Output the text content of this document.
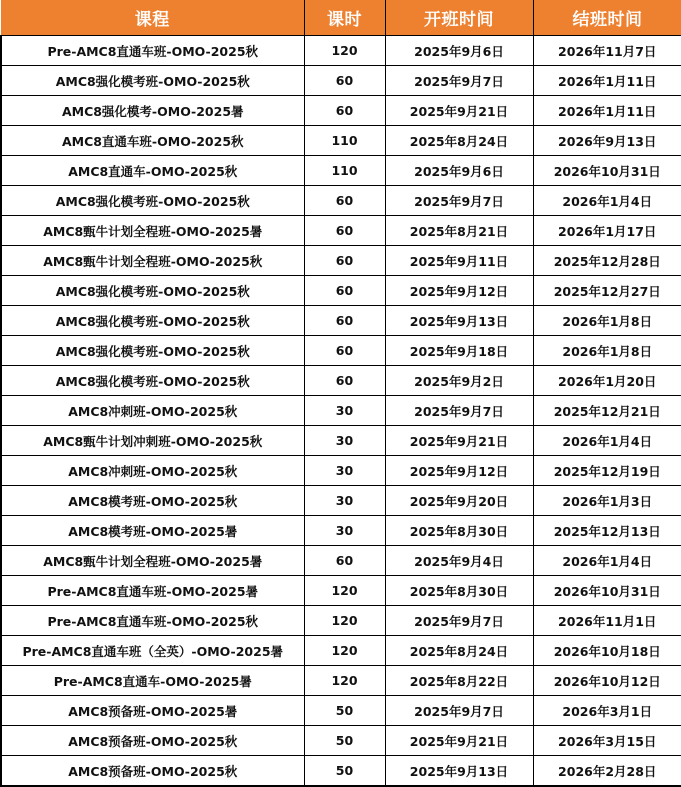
课程	课时	开班时间	结班时间
Pre-AMC8直通车班-OMO-2025秋	120	2025年9月6日	2026年11月7日
AMC8强化模考班-OMO-2025秋	60	2025年9月7日	2026年1月11日
AMC8强化模考-OMO-2025暑	60	2025年9月21日	2026年1月11日
AMC8直通车班-OMO-2025秋	110	2025年8月24日	2026年9月13日
AMC8直通车-OMO-2025秋	110	2025年9月6日	2026年10月31日
AMC8强化模考班-OMO-2025秋	60	2025年9月7日	2026年1月4日
AMC8甄牛计划全程班-OMO-2025暑	60	2025年8月21日	2026年1月17日
AMC8甄牛计划全程班-OMO-2025秋	60	2025年9月11日	2025年12月28日
AMC8强化模考班-OMO-2025秋	60	2025年9月12日	2025年12月27日
AMC8强化模考班-OMO-2025秋	60	2025年9月13日	2026年1月8日
AMC8强化模考班-OMO-2025秋	60	2025年9月18日	2026年1月8日
AMC8强化模考班-OMO-2025秋	60	2025年9月2日	2026年1月20日
AMC8冲刺班-OMO-2025秋	30	2025年9月7日	2025年12月21日
AMC8甄牛计划冲刺班-OMO-2025秋	30	2025年9月21日	2026年1月4日
AMC8冲刺班-OMO-2025秋	30	2025年9月12日	2025年12月19日
AMC8模考班-OMO-2025秋	30	2025年9月20日	2026年1月3日
AMC8模考班-OMO-2025暑	30	2025年8月30日	2025年12月13日
AMC8甄牛计划全程班-OMO-2025暑	60	2025年9月4日	2026年1月4日
Pre-AMC8直通车班-OMO-2025暑	120	2025年8月30日	2026年10月31日
Pre-AMC8直通车班-OMO-2025秋	120	2025年9月7日	2026年11月1日
Pre-AMC8直通车班（全英）-OMO-2025暑	120	2025年8月24日	2026年10月18日
Pre-AMC8直通车-OMO-2025暑	120	2025年8月22日	2026年10月12日
AMC8预备班-OMO-2025暑	50	2025年9月7日	2026年3月1日
AMC8预备班-OMO-2025秋	50	2025年9月21日	2026年3月15日
AMC8预备班-OMO-2025秋	50	2025年9月13日	2026年2月28日
